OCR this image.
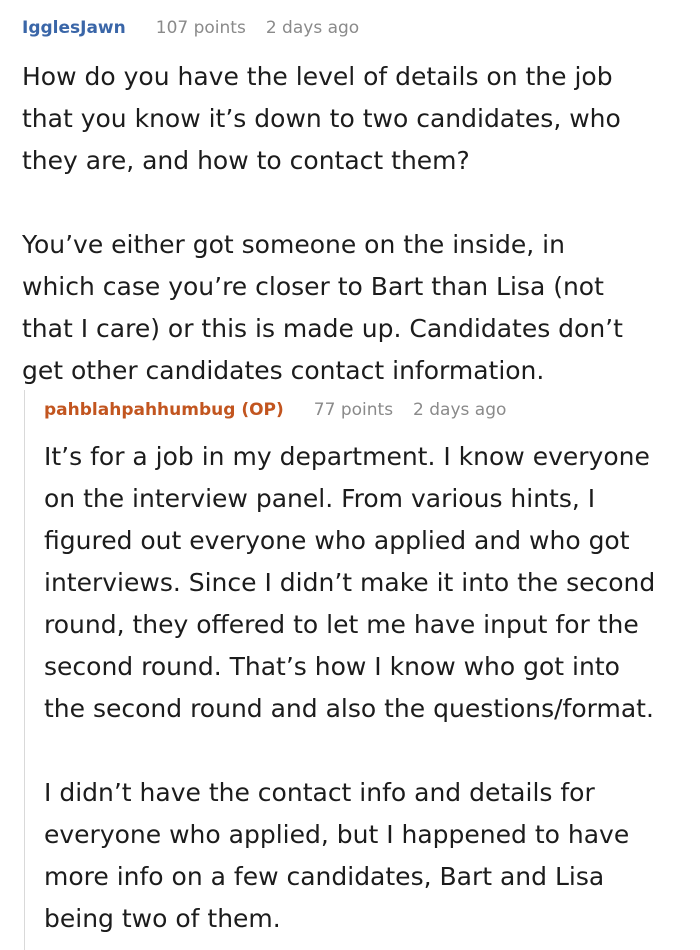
IgglesJawn 107 points 2 days ago

How do you have the level of details on the job
that you know it’s down to two candidates, who
they are, and how to contact them?

You’ve either got someone on the inside, in
which case you’re closer to Bart than Lisa (not
that I care) or this is made up. Candidates don’t
get other candidates contact information.

pahblahpahhumbug (OP) 77 points 2 days ago

It’s for a job in my department. I know everyone
on the interview panel. From various hints, I
figured out everyone who applied and who got
interviews. Since I didn’t make it into the second
round, they offered to let me have input for the
second round. That’s how I know who got into
the second round and also the questions/format.

I didn’t have the contact info and details for
everyone who applied, but I happened to have
more info on a few candidates, Bart and Lisa
being two of them.
